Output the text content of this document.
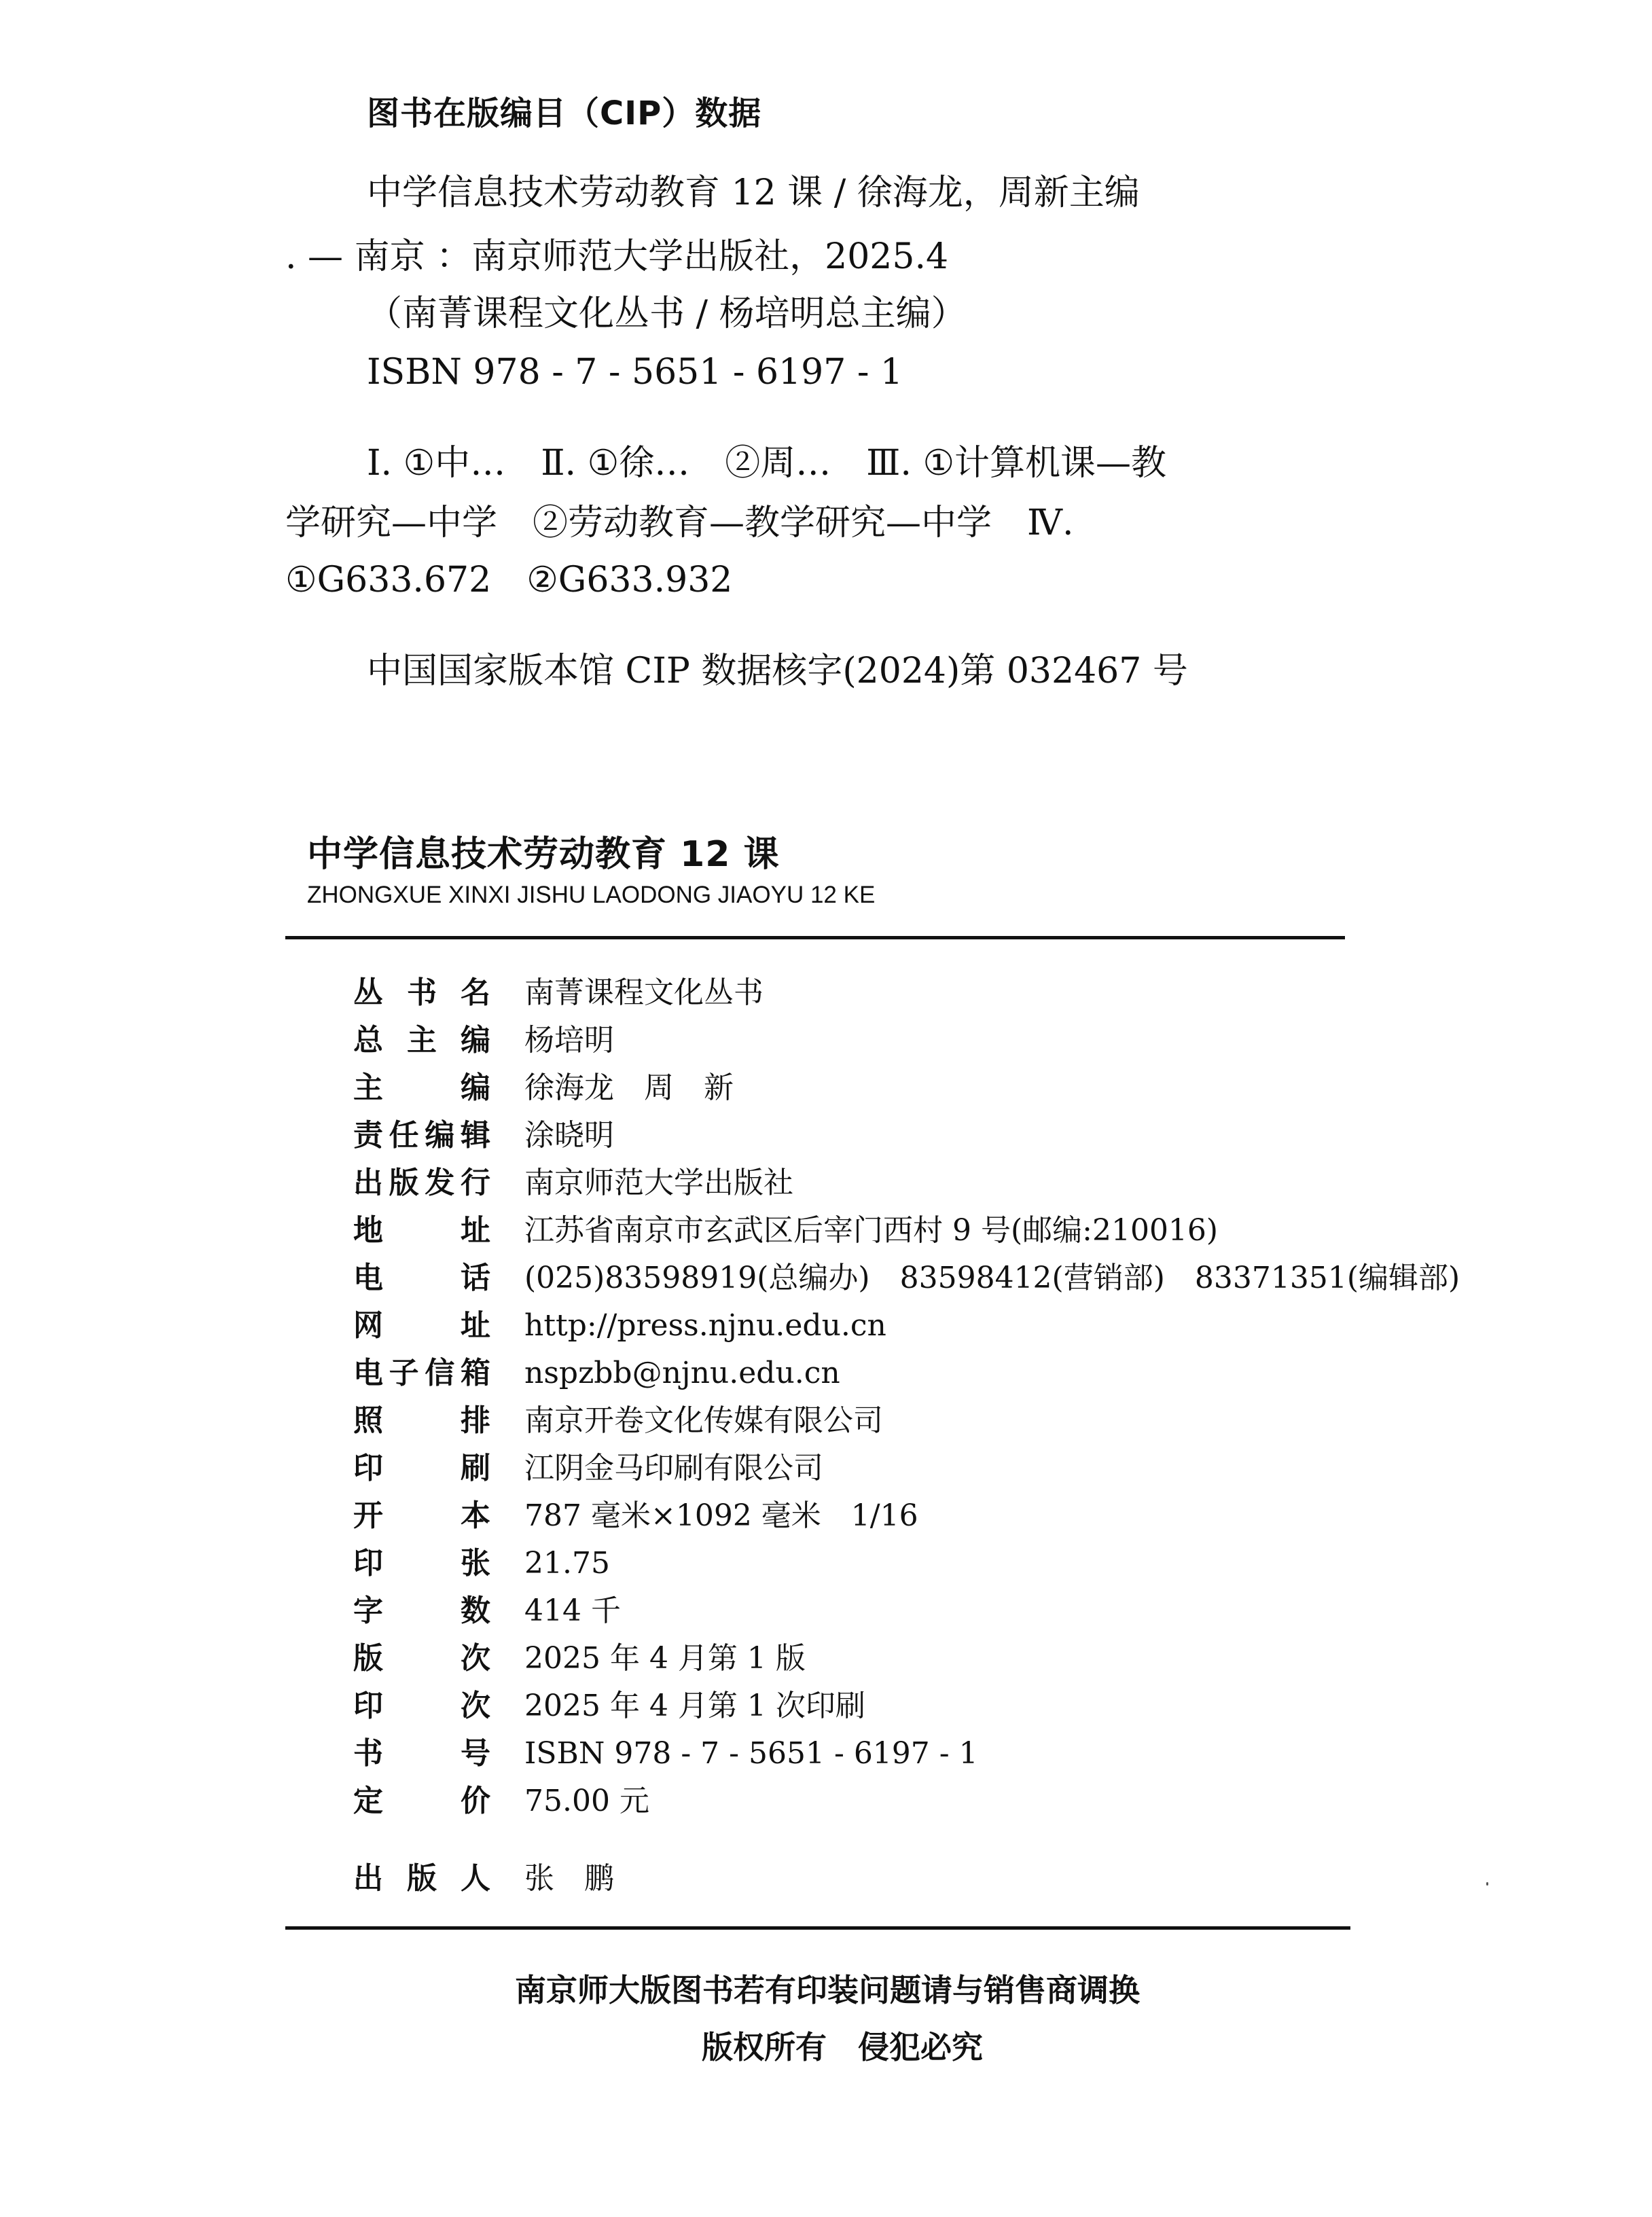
图书在版编目（CIP）数据
中学信息技术劳动教育 12 课 / 徐海龙，周新主编
. — 南京 ：南京师范大学出版社，2025.4
（南菁课程文化丛书 / 杨培明总主编）
ISBN 978 - 7 - 5651 - 6197 - 1
Ⅰ. ①中…　Ⅱ. ①徐…　②周…　Ⅲ. ①计算机课—教
学研究—中学　②劳动教育—教学研究—中学　Ⅳ.
①G633.672　②G633.932
中国国家版本馆 CIP 数据核字(2024)第 032467 号
中学信息技术劳动教育 12 课
ZHONGXUE XINXI JISHU LAODONG JIAOYU 12 KE
丛书名 南菁课程文化丛书
总主编 杨培明
主编 徐海龙　周　新
责任编辑 涂晓明
出版发行 南京师范大学出版社
地址 江苏省南京市玄武区后宰门西村 9 号(邮编:210016)
电话 (025)83598919(总编办)　83598412(营销部)　83371351(编辑部)
网址 http://press.njnu.edu.cn
电子信箱 nspzbb@njnu.edu.cn
照排 南京开卷文化传媒有限公司
印刷 江阴金马印刷有限公司
开本 787 毫米×1092 毫米　1/16
印张 21.75
字数 414 千
版次 2025 年 4 月第 1 版
印次 2025 年 4 月第 1 次印刷
书号 ISBN 978 - 7 - 5651 - 6197 - 1
定价 75.00 元
出版人 张　鹏
南京师大版图书若有印装问题请与销售商调换
版权所有　侵犯必究
